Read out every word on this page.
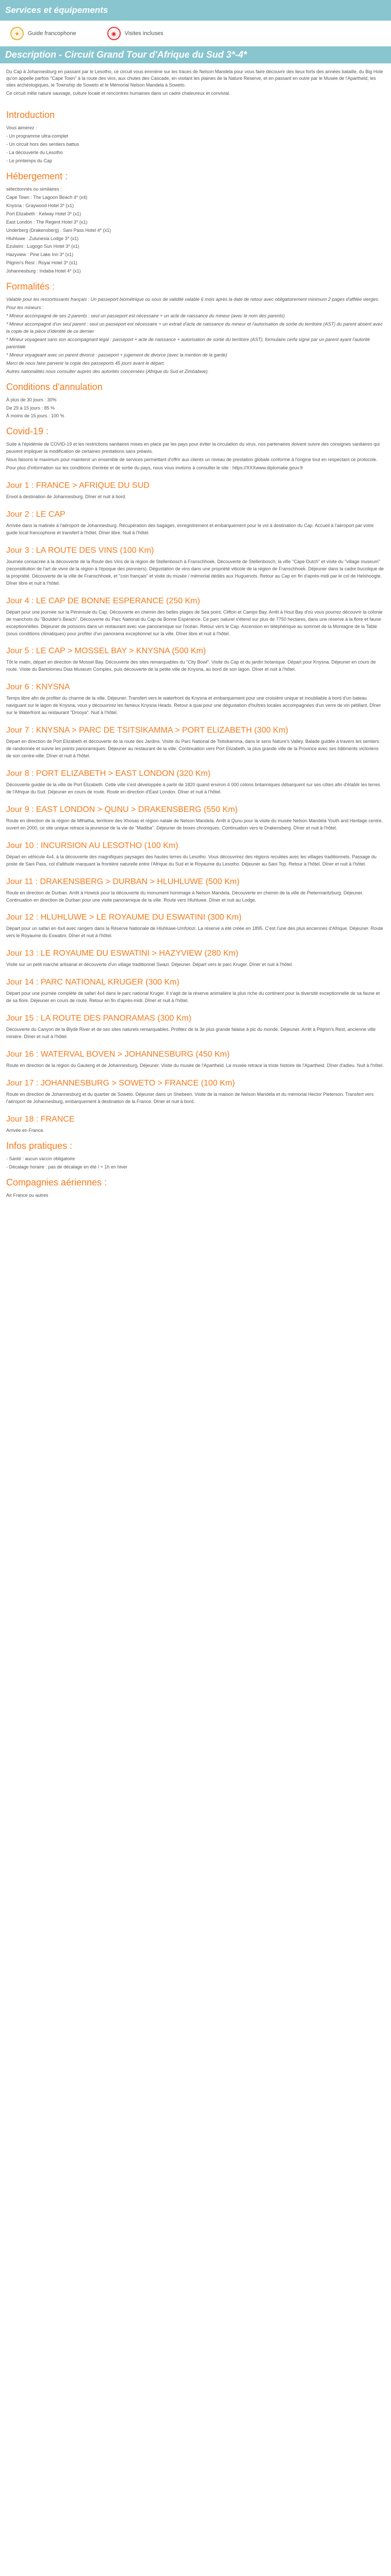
Services et équipements
★	Guide francophone	◉	Visites incluses
Description - Circuit Grand Tour d'Afrique du Sud 3*-4*

Du Cap à Johannesburg en passant par le Lesotho, ce circuit vous emmène sur les traces de Nelson Mandela pour vous faire découvrir des lieux forts des années bataille, du Big Hole qu'on appelle parfois "Cape Town" à la route des vins, aux chutes des Cascade, en visitant les plaines de la Nature Reserve, et en passant en outre par le Musée de l'Apartheid, les sites archéologiques, le Township de Soweto et le Mémorial Nelson Mandela à Soweto.

Ce circuit mêle nature sauvage, culture locale et rencontres humaines dans un cadre chaleureux et convivial.

Introduction

Vous aimerez :

- Un programme ultra-complet

- Un circuit hors des sentiers battus

- La découverte du Lesotho

- Le printemps du Cap

Hébergement :

sélectionnés ou similaires :

Cape Town : The Lagoon Beach 4* (x4)

Knysna : Graywood Hotel 3* (x1)

Port Elizabeth : Kelway Hotel 3* (x1)

East London : The Regent Hotel 3* (x1)

Underberg (Drakensberg) : Sani Pass Hotel 4* (x1)

Hluhluwe : Zulunesia Lodge 3* (x1)

Ezulwini : Lugogo Sun Hotel 3* (x1)

Hazyview : Pine Lake Inn 3* (x1)

Pilgrim's Rest : Royal Hotel 3* (x1)

Johannesburg : Indaba Hotel 4* (x1)

Formalités :

Valable pour les ressortissants français : Un passeport biométrique ou sous de validité valable 6 mois après la date de retour avec obligatoirement minimum 2 pages d'affilée vierges.

Pour les mineurs :

* Mineur accompagné de ses 2 parents : seul un passeport est nécessaire + un acte de naissance du mineur (avec le nom des parents)

* Mineur accompagné d'un seul parent : seul un passeport est nécessaire + un extrait d'acte de naissance du mineur et l'autorisation de sortie du territoire (AST) du parent absent avec la copie de la pièce d'identité de ce dernier

* Mineur voyageant sans son accompagnant légal : passeport + acte de naissance + autorisation de sortie du territoire (AST), formulaire cerfa signé par un parent ayant l'autorité parentale

* Mineur voyageant avec un parent divorcé : passeport + jugement de divorce (avec la mention de la garde)

Merci de nous faire parvenir la copie des passeports 45 jours avant le départ.

Autres nationalités nous consulter auprès des autorités concernées (Afrique du Sud et Zimbabwe).

Conditions d'annulation

À plus de 30 jours : 30%

De 29 à 15 jours : 85 %

À moins de 15 jours : 100 %

Covid-19 :

Suite à l'épidémie de COVID-19 et les restrictions sanitaires mises en place par les pays pour éviter la circulation du virus, nos partenaires doivent suivre des consignes sanitaires qui peuvent impliquer la modification de certaines prestations sans préavis.

Nous faisons le maximum pour maintenir un ensemble de services permettant d'offrir aux clients un niveau de prestation globale conforme à l'origine tout en respectant ce protocole.

Pour plus d'information sur les conditions d'entrée et de sortie du pays, nous vous invitons à consulter le site : https://XXXwww.diplomatie.gouv.fr

Jour 1 : FRANCE > AFRIQUE DU SUD

Envol à destination de Johannesburg. Dîner et nuit à bord.

Jour 2 : LE CAP

Arrivée dans la matinée à l'aéroport de Johannesburg. Récupération des bagages, enregistrement et embarquement pour le vol à destination du Cap. Accueil à l'aéroport par votre guide local francophone et transfert à l'hôtel. Dîner libre. Nuit à l'hôtel.

Jour 3 : LA ROUTE DES VINS (100 Km)

Journée consacrée à la découverte de la Route des Vins de la région de Stellenbosch à Franschhoek. Découverte de Stellenbosch, la ville "Cape Dutch" et visite du "village museum" (reconstitution de l'art de vivre de la région à l'époque des pionniers). Dégustation de vins dans une propriété viticole de la région de Franschhoek. Déjeuner dans la cadre bucolique de la propriété. Découverte de la ville de Franschhoek, et "coin français" et visite du musée / mémorial dédiés aux Huguenots. Retour au Cap en fin d'après-midi par le col de Helshoogte. Dîner libre et nuit à l'hôtel.

Jour 4 : LE CAP DE BONNE ESPERANCE (250 Km)

Départ pour une journée sur la Péninsule du Cap. Découverte en chemin des belles plages de Sea point, Clifton et Camps Bay. Arrêt à Hout Bay d'où vous pourrez découvrir la colonie de manchots du "Boulder's Beach". Découverte du Parc National du Cap de Bonne Espérance. Ce parc naturel s'étend sur plus de 7750 hectares, dans une réserve à la flore et faune exceptionnelles. Déjeuner de poissons dans un restaurant avec vue panoramique sur l'océan. Retour vers le Cap. Ascension en téléphérique au sommet de la Montagne de la Table (sous conditions climatiques) pour profiter d'un panorama exceptionnel sur la ville. Dîner libre et nuit à l'hôtel.

Jour 5 : LE CAP > MOSSEL BAY > KNYSNA (500 Km)

Tôt le matin, départ en direction de Mossel Bay. Découverte des sites remarquables du "City Bowl". Visite du Cap et du jardin botanique. Départ pour Knysna. Déjeuner en cours de route. Visite du Bartolomeu Dias Museum Complex, puis découverte de la petite ville de Knysna, au bord de son lagon. Dîner et nuit à l'hôtel.

Jour 6 : KNYSNA

Temps libre afin de profiter du charme de la ville. Déjeuner. Transfert vers le waterfront de Knysna et embarquement pour une croisière unique et inoubliable à bord d'un bateau naviguant sur le lagon de Knysna, vous y découvrirez les fameux Knysna Heads. Retour à quai pour une dégustation d'huîtres locales accompagnées d'un verre de vin pétillant. Dîner sur le Waterfront au restaurant "Drooya". Nuit à l'hôtel.

Jour 7 : KNYSNA > PARC DE TSITSIKAMMA > PORT ELIZABETH (300 Km)

Départ en direction de Port Elizabeth et découverte de la route des Jardins. Visite du Parc National de Tsitsikamma, dans le sens Nature's Valley. Balade guidée à travers les sentiers de randonnée et suivre les points panoramiques. Déjeuner au restaurant de la ville. Continuation vers Port Elizabeth, la plus grande ville de la Province avec ses bâtiments victoriens de son centre-ville. Dîner et nuit à l'hôtel.

Jour 8 : PORT ELIZABETH > EAST LONDON (320 Km)

Découverte guidée de la ville de Port Elizabeth. Cette ville s'est développée à partir de 1820 quand environ 4 000 colons britanniques débarquent sur ses côtes afin d'établir les terres de l'Afrique du Sud. Déjeuner en cours de route. Route en direction d'East London. Dîner et nuit à l'hôtel.

Jour 9 : EAST LONDON > QUNU > DRAKENSBERG (550 Km)

Route en direction de la région de Mthatha, territoire des Xhosas et région natale de Nelson Mandela. Arrêt à Qunu pour la visite du musée Nelson Mandela Youth and Heritage centre, ouvert en 2000, ce site unique retrace la jeunesse de la vie de "Madiba". Déjeuner de boxes chroniques. Continuation vers le Drakensberg. Dîner et nuit à l'hôtel.

Jour 10 : INCURSION AU LESOTHO (100 Km)

Départ en véhicule 4x4, à la découverte des magnifiques paysages des hautes terres du Lesotho. Vous découvrirez des régions reculées avec les villages traditionnels. Passage du poste de Sani Pass, col d'altitude marquant la frontière naturelle entre l'Afrique du Sud et le Royaume du Lesotho. Déjeuner au Sani Top. Retour à l'hôtel. Dîner et nuit à l'hôtel.

Jour 11 : DRAKENSBERG > DURBAN > HLUHLUWE (500 Km)

Route en direction de Durban. Arrêt à Howick pour la découverte du monument hommage à Nelson Mandela. Découverte en chemin de la ville de Pietermaritzburg. Déjeuner. Continuation en direction de Durban pour une visite panoramique de la ville. Route vers Hluhluwe. Dîner et nuit au Lodge.

Jour 12 : HLUHLUWE > LE ROYAUME DU ESWATINI (300 Km)

Départ pour un safari en 4x4 avec rangers dans la Réserve Nationale de Hluhluwe-Umfolozi. La réserve a été créée en 1895. C'est l'une des plus anciennes d'Afrique. Déjeuner. Route vers le Royaume du Eswatini. Dîner et nuit à l'hôtel.

Jour 13 : LE ROYAUME DU ESWATINI > HAZYVIEW (280 Km)

Visite sur un petit marché artisanal et découverte d'un village traditionnel Swazi. Déjeuner. Départ vers le parc Kruger. Dîner et nuit à l'hôtel.

Jour 14 : PARC NATIONAL KRUGER (300 Km)

Départ pour une journée complète de safari 4x4 dans le parc national Kruger. Il s'agit de la réserve animalière la plus riche du continent pour la diversité exceptionnelle de sa faune et de sa flore. Déjeuner en cours de route. Retour en fin d'après-midi. Dîner et nuit à l'hôtel.

Jour 15 : LA ROUTE DES PANORAMAS (300 Km)

Découverte du Canyon de la Blyde River et de ses sites naturels remarquables. Profitez de la 3e plus grande falaise à pic du monde. Déjeuner. Arrêt à Pilgrim's Rest, ancienne ville minière. Dîner et nuit à l'hôtel.

Jour 16 : WATERVAL BOVEN > JOHANNESBURG (450 Km)

Route en direction de la région du Gauteng et de Johannesburg. Déjeuner. Visite du musée de l'Apartheid. Le musée retrace la triste histoire de l'Apartheid. Dîner d'adieu. Nuit à l'hôtel.

Jour 17 : JOHANNESBURG > SOWETO > FRANCE (100 Km)

Route en direction de Johannesburg et du quartier de Soweto. Déjeuner dans un Shebeen. Visite de la maison de Nelson Mandela et du mémorial Hector Pieterson. Transfert vers l'aéroport de Johannesburg, embarquement à destination de la France. Dîner et nuit à bord.

Jour 18 : FRANCE

Arrivée en France.

Infos pratiques :

- Santé : aucun vaccin obligatoire

- Décalage horaire : pas de décalage en été / + 1h en hiver

Compagnies aériennes :

Air France ou autres
